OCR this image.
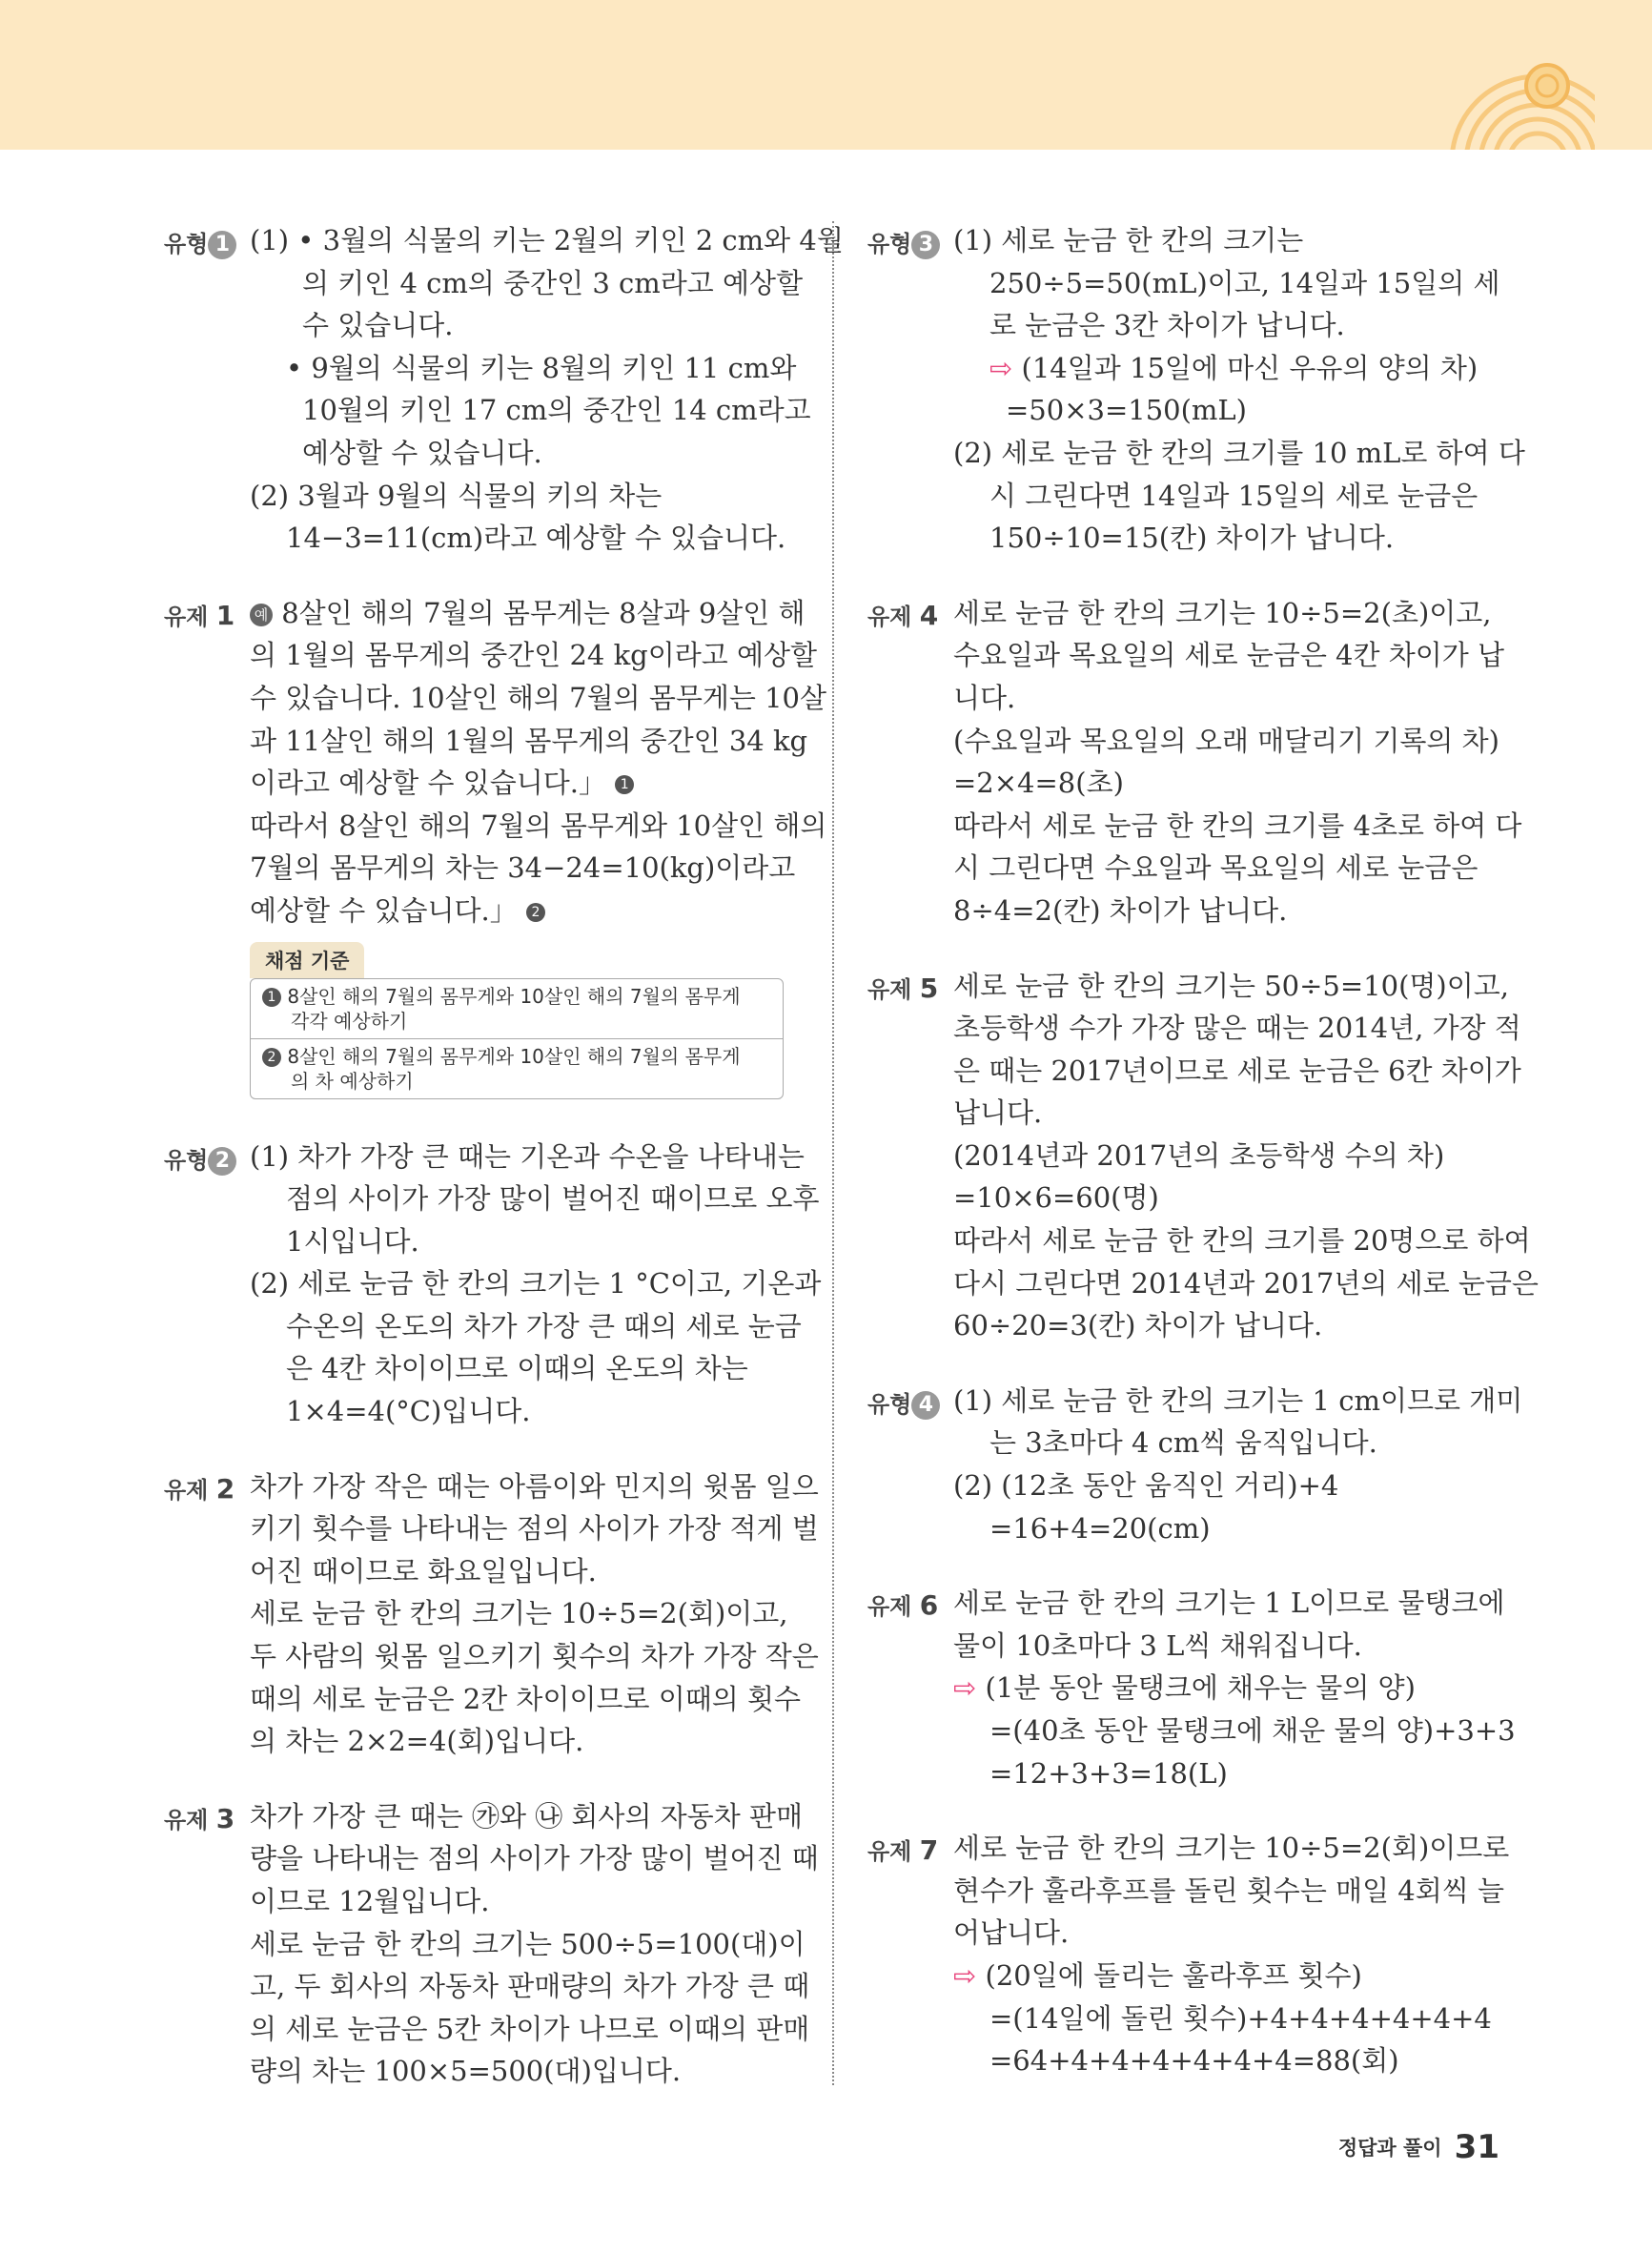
유형 1 (1) • 3월의 식물의 키는 2월의 키인 2 cm와 4월
의 키인 4 cm의 중간인 3 cm라고 예상할
수 있습니다.
• 9월의 식물의 키는 8월의 키인 11 cm와
10월의 키인 17 cm의 중간인 14 cm라고
예상할 수 있습니다.
(2) 3월과 9월의 식물의 키의 차는
14−3=11(cm)라고 예상할 수 있습니다.
유제 1	예 8살인 해의 7월의 몸무게는 8살과 9살인 해
의 1월의 몸무게의 중간인 24 kg이라고 예상할
수 있습니다. 10살인 해의 7월의 몸무게는 10살
과 11살인 해의 1월의 몸무게의 중간인 34 kg
이라고 예상할 수 있습니다.」 1
따라서 8살인 해의 7월의 몸무게와 10살인 해의
7월의 몸무게의 차는 34−24=10(kg)이라고
예상할 수 있습니다.」 2
채점 기준
1 8살인 해의 7월의 몸무게와 10살인 해의 7월의 몸무게
각각 예상하기
2 8살인 해의 7월의 몸무게와 10살인 해의 7월의 몸무게
의 차 예상하기
유형 2 (1) 차가 가장 큰 때는 기온과 수온을 나타내는
점의 사이가 가장 많이 벌어진 때이므로 오후
1시입니다.
(2) 세로 눈금 한 칸의 크기는 1 °C이고, 기온과
수온의 온도의 차가 가장 큰 때의 세로 눈금
은 4칸 차이이므로 이때의 온도의 차는
1×4=4(°C)입니다.
유제 2 차가 가장 작은 때는 아름이와 민지의 윗몸 일으
키기 횟수를 나타내는 점의 사이가 가장 적게 벌
어진 때이므로 화요일입니다.
세로 눈금 한 칸의 크기는 10÷5=2(회)이고,
두 사람의 윗몸 일으키기 횟수의 차가 가장 작은
때의 세로 눈금은 2칸 차이이므로 이때의 횟수
의 차는 2×2=4(회)입니다.
유제 3 차가 가장 큰 때는 ㉮와 ㉯ 회사의 자동차 판매
량을 나타내는 점의 사이가 가장 많이 벌어진 때
이므로 12월입니다.
세로 눈금 한 칸의 크기는 500÷5=100(대)이
고, 두 회사의 자동차 판매량의 차가 가장 큰 때
의 세로 눈금은 5칸 차이가 나므로 이때의 판매
량의 차는 100×5=500(대)입니다.
유형 3 (1) 세로 눈금 한 칸의 크기는
250÷5=50(mL)이고, 14일과 15일의 세
로 눈금은 3칸 차이가 납니다.
⇨ (14일과 15일에 마신 우유의 양의 차)
=50×3=150(mL)
(2) 세로 눈금 한 칸의 크기를 10 mL로 하여 다
시 그린다면 14일과 15일의 세로 눈금은
150÷10=15(칸) 차이가 납니다.
유제 4 세로 눈금 한 칸의 크기는 10÷5=2(초)이고,
수요일과 목요일의 세로 눈금은 4칸 차이가 납
니다.
(수요일과 목요일의 오래 매달리기 기록의 차)
=2×4=8(초)
따라서 세로 눈금 한 칸의 크기를 4초로 하여 다
시 그린다면 수요일과 목요일의 세로 눈금은
8÷4=2(칸) 차이가 납니다.
유제 5 세로 눈금 한 칸의 크기는 50÷5=10(명)이고,
초등학생 수가 가장 많은 때는 2014년, 가장 적
은 때는 2017년이므로 세로 눈금은 6칸 차이가
납니다.
(2014년과 2017년의 초등학생 수의 차)
=10×6=60(명)
따라서 세로 눈금 한 칸의 크기를 20명으로 하여
다시 그린다면 2014년과 2017년의 세로 눈금은
60÷20=3(칸) 차이가 납니다.
유형 4 (1) 세로 눈금 한 칸의 크기는 1 cm이므로 개미
는 3초마다 4 cm씩 움직입니다.
(2) (12초 동안 움직인 거리)+4
=16+4=20(cm)
유제 6 세로 눈금 한 칸의 크기는 1 L이므로 물탱크에
물이 10초마다 3 L씩 채워집니다.
⇨ (1분 동안 물탱크에 채우는 물의 양)
=(40초 동안 물탱크에 채운 물의 양)+3+3
=12+3+3=18(L)
유제 7 세로 눈금 한 칸의 크기는 10÷5=2(회)이므로
현수가 훌라후프를 돌린 횟수는 매일 4회씩 늘
어납니다.
⇨ (20일에 돌리는 훌라후프 횟수)
=(14일에 돌린 횟수)+4+4+4+4+4+4
=64+4+4+4+4+4+4=88(회)
정답과 풀이 31
